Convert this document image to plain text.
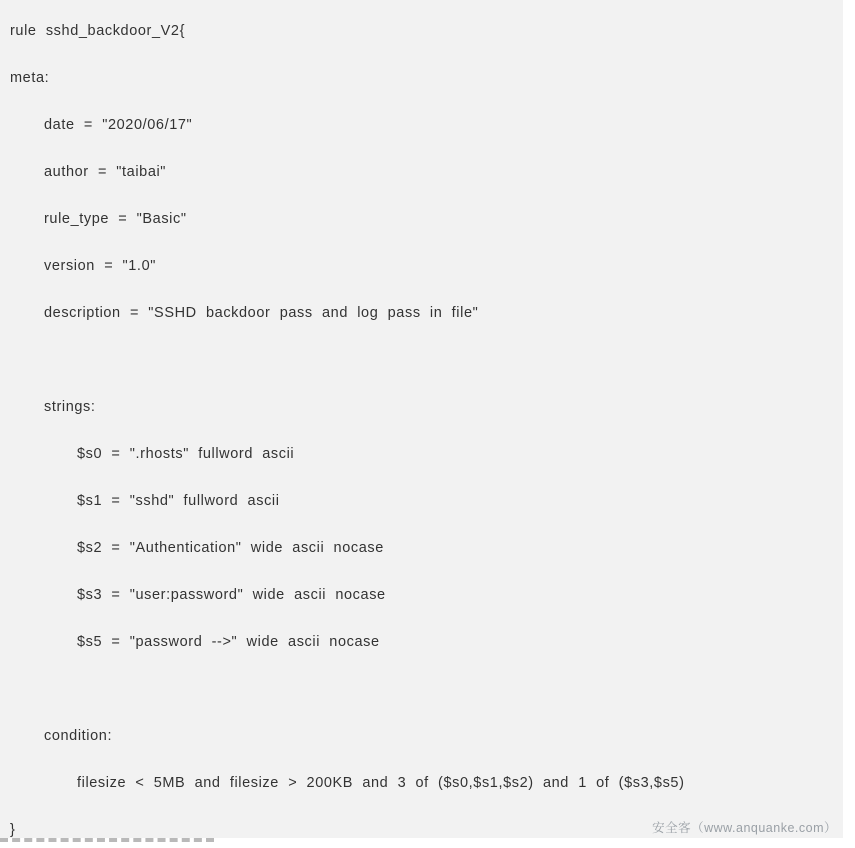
rule  sshd_backdoor_V2{
meta:
date  =  "2020/06/17"
author  =  "taibai"
rule_type  =  "Basic"
version  =  "1.0"
description  =  "SSHD  backdoor  pass  and  log  pass  in  file"
strings:
$s0  =  ".rhosts"  fullword  ascii
$s1  =  "sshd"  fullword  ascii
$s2  =  "Authentication"  wide  ascii  nocase
$s3  =  "user:password"  wide  ascii  nocase
$s5  =  "password  -->"  wide  ascii  nocase
condition:
filesize  <  5MB  and  filesize  >  200KB  and  3  of  ($s0,$s1,$s2)  and  1  of  ($s3,$s5)
}	安全客（www.anquanke.com）
